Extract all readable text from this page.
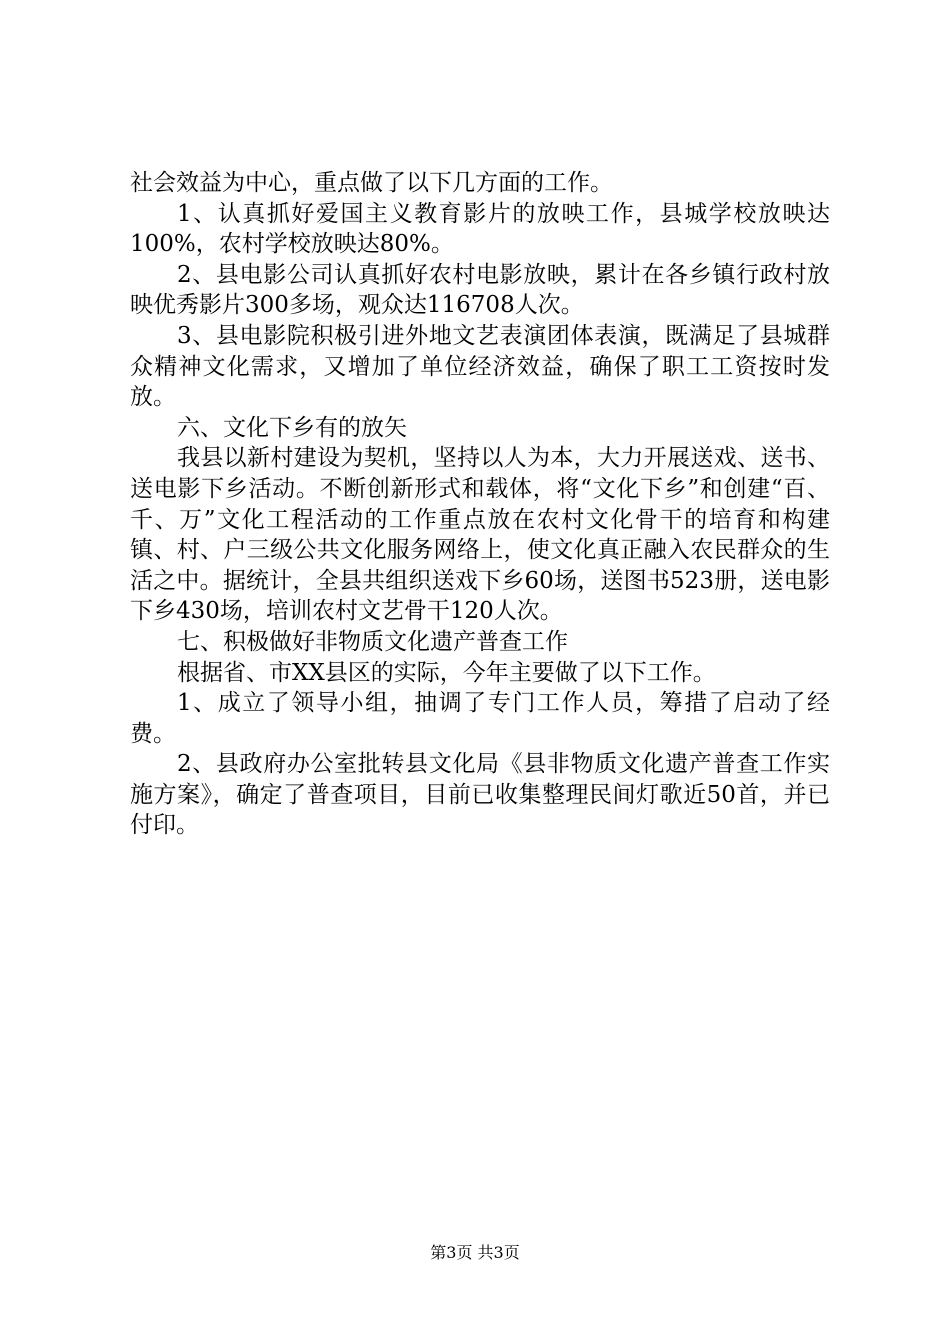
社会效益为中心，重点做了以下几方面的工作。

1、认真抓好爱国主义教育影片的放映工作，县城学校放映达100%，农村学校放映达80%。

2、县电影公司认真抓好农村电影放映，累计在各乡镇行政村放映优秀影片300多场，观众达116708人次。

3、县电影院积极引进外地文艺表演团体表演，既满足了县城群众精神文化需求，又增加了单位经济效益，确保了职工工资按时发放。

六、文化下乡有的放矢

我县以新村建设为契机，坚持以人为本，大力开展送戏、送书、送电影下乡活动。不断创新形式和载体，将“文化下乡”和创建“百、千、万”文化工程活动的工作重点放在农村文化骨干的培育和构建镇、村、户三级公共文化服务网络上，使文化真正融入农民群众的生活之中。据统计，全县共组织送戏下乡60场，送图书523册，送电影下乡430场，培训农村文艺骨干120人次。

七、积极做好非物质文化遗产普查工作

根据省、市XX县区的实际，今年主要做了以下工作。

1、成立了领导小组，抽调了专门工作人员，筹措了启动了经费。

2、县政府办公室批转县文化局《县非物质文化遗产普查工作实施方案》，确定了普查项目，目前已收集整理民间灯歌近50首，并已付印。

第3页 共3页
